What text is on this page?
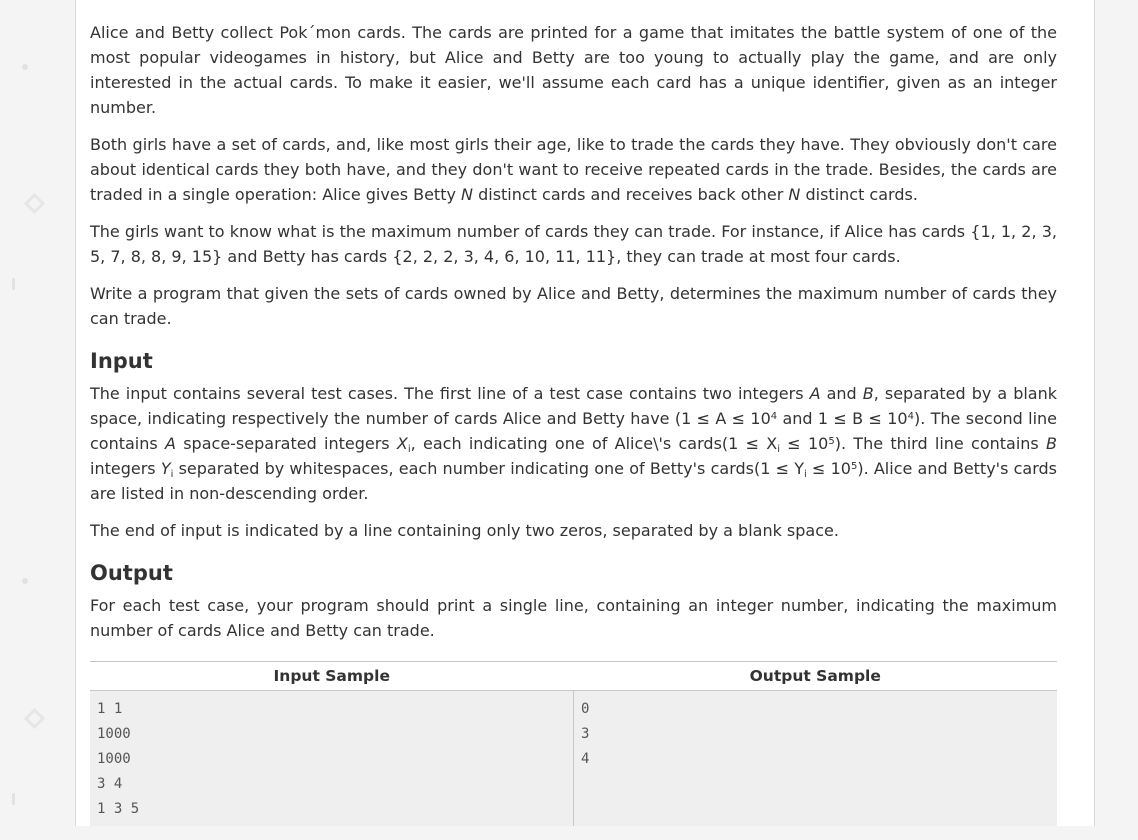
Alice and Betty collect Pok´mon cards. The cards are printed for a game that imitates the battle system of one of the most popular videogames in history, but Alice and Betty are too young to actually play the game, and are only interested in the actual cards. To make it easier, we'll assume each card has a unique identifier, given as an integer number.

Both girls have a set of cards, and, like most girls their age, like to trade the cards they have. They obviously don't care about identical cards they both have, and they don't want to receive repeated cards in the trade. Besides, the cards are traded in a single operation: Alice gives Betty N distinct cards and receives back other N distinct cards.

The girls want to know what is the maximum number of cards they can trade. For instance, if Alice has cards {1, 1, 2, 3, 5, 7, 8, 8, 9, 15} and Betty has cards {2, 2, 2, 3, 4, 6, 10, 11, 11}, they can trade at most four cards.

Write a program that given the sets of cards owned by Alice and Betty, determines the maximum number of cards they can trade.

Input

The input contains several test cases. The first line of a test case contains two integers A and B, separated by a blank space, indicating respectively the number of cards Alice and Betty have ($1 \le A \le 10^4$ and $1 \le B \le 10^4$). The second line contains A space-separated integers $X_i$, each indicating one of Alice\'s cards(1 ≤ $X_i \le 10^5$). The third line contains B integers $Y_i$ separated by whitespaces, each number indicating one of Betty's cards(1 ≤ $Y_i \le 10^5$). Alice and Betty's cards are listed in non-descending order.

The end of input is indicated by a line containing only two zeros, separated by a blank space.

Output

For each test case, your program should print a single line, containing an integer number, indicating the maximum number of cards Alice and Betty can trade.

Input Sample	Output Sample
1 1
1000
1000
3 4
1 3 5
0
3
4
